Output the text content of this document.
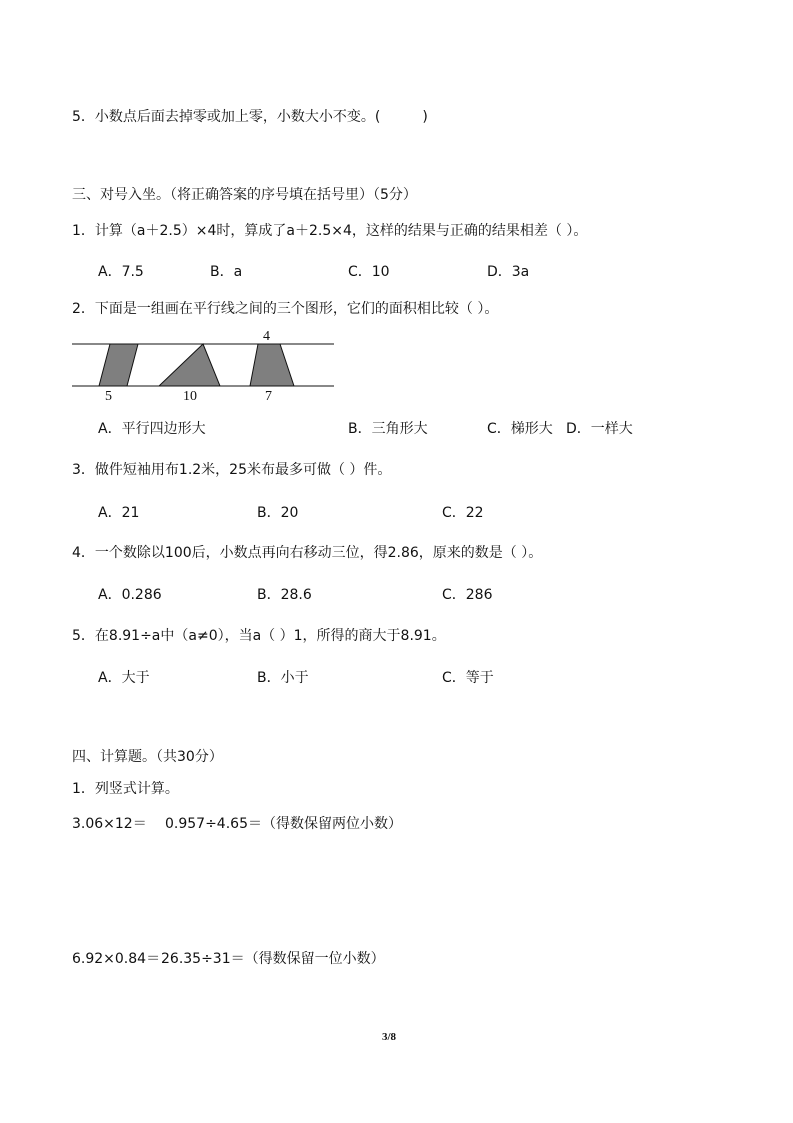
5．小数点后面去掉零或加上零，小数大小不变。(　　　)
三、对号入坐。（将正确答案的序号填在括号里）（5分）
1．计算（a＋2.5）×4时，算成了a＋2.5×4，这样的结果与正确的结果相差（ ）。
A．7.5	B．a	C．10	D．3a
2．下面是一组画在平行线之间的三个图形，它们的面积相比较（ ）。
4
5	10	7
A．平行四边形大	B．三角形大	C．梯形大 D．一样大
3．做件短袖用布1.2米，25米布最多可做（ ）件。
A．21	B．20	C．22
4．一个数除以100后，小数点再向右移动三位，得2.86，原来的数是（ ）。
A．0.286	B．28.6	C．286
5．在8.91÷a中（a≠0），当a（ ）1，所得的商大于8.91。
A．大于	B．小于	C．等于
四、计算题。（共30分）
1．列竖式计算。
3.06×12＝ 0.957÷4.65＝（得数保留两位小数）
6.92×0.84＝ 26.35÷31＝（得数保留一位小数）
3/8
